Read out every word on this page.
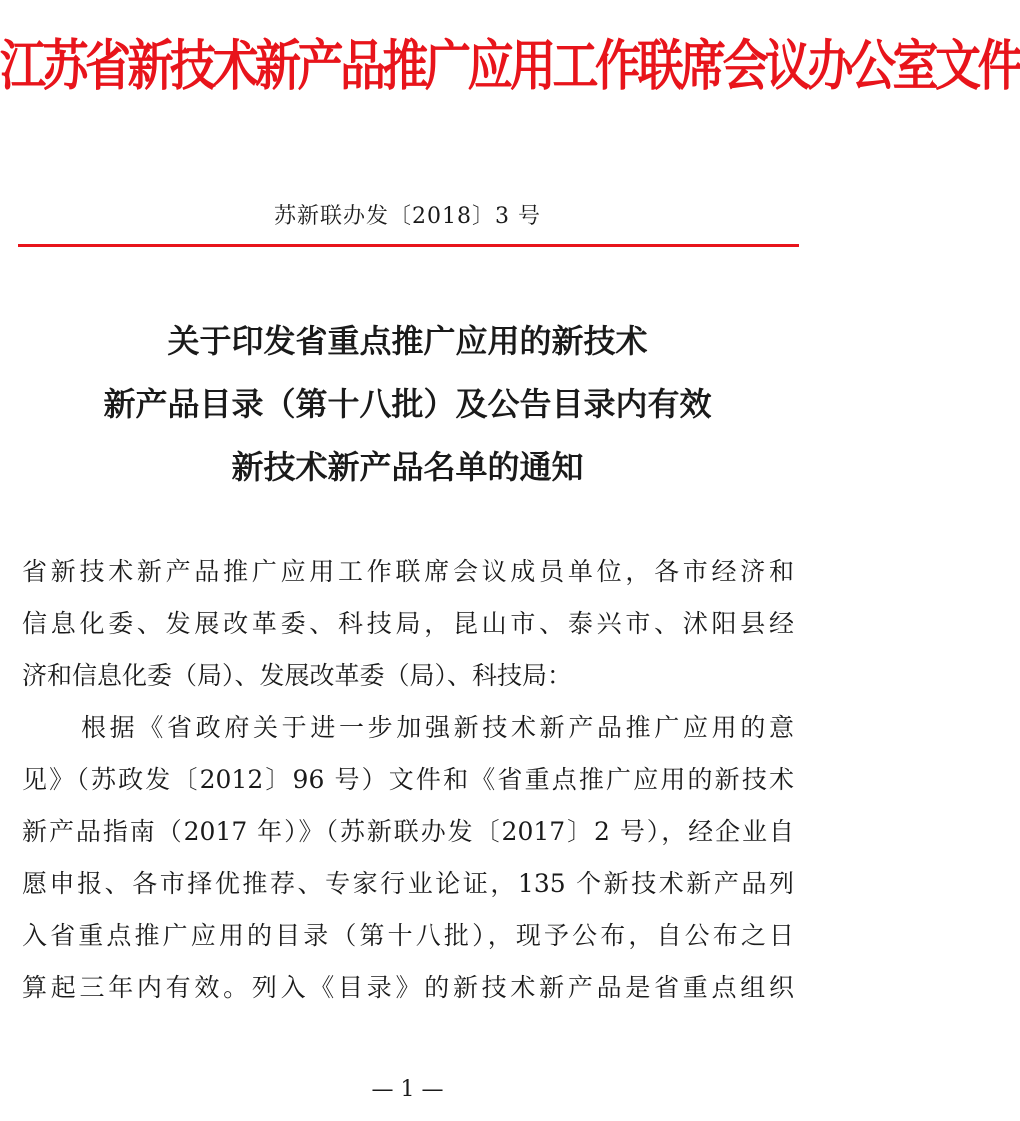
江苏省新技术新产品推广应用工作联席会议办公室文件
苏新联办发〔2018〕3 号
关于印发省重点推广应用的新技术
新产品目录（第十八批）及公告目录内有效
新技术新产品名单的通知
省新技术新产品推广应用工作联席会议成员单位，各市经济和
信息化委、发展改革委、科技局，昆山市、泰兴市、沭阳县经
济和信息化委（局）、发展改革委（局）、科技局：
根据《省政府关于进一步加强新技术新产品推广应用的意
见》（苏政发〔2012〕96 号）文件和《省重点推广应用的新技术
新产品指南（2017 年）》（苏新联办发〔2017〕2 号），经企业自
愿申报、各市择优推荐、专家行业论证，135 个新技术新产品列
入省重点推广应用的目录（第十八批），现予公布，自公布之日
算起三年内有效。列入《目录》的新技术新产品是省重点组织
— 1 —
